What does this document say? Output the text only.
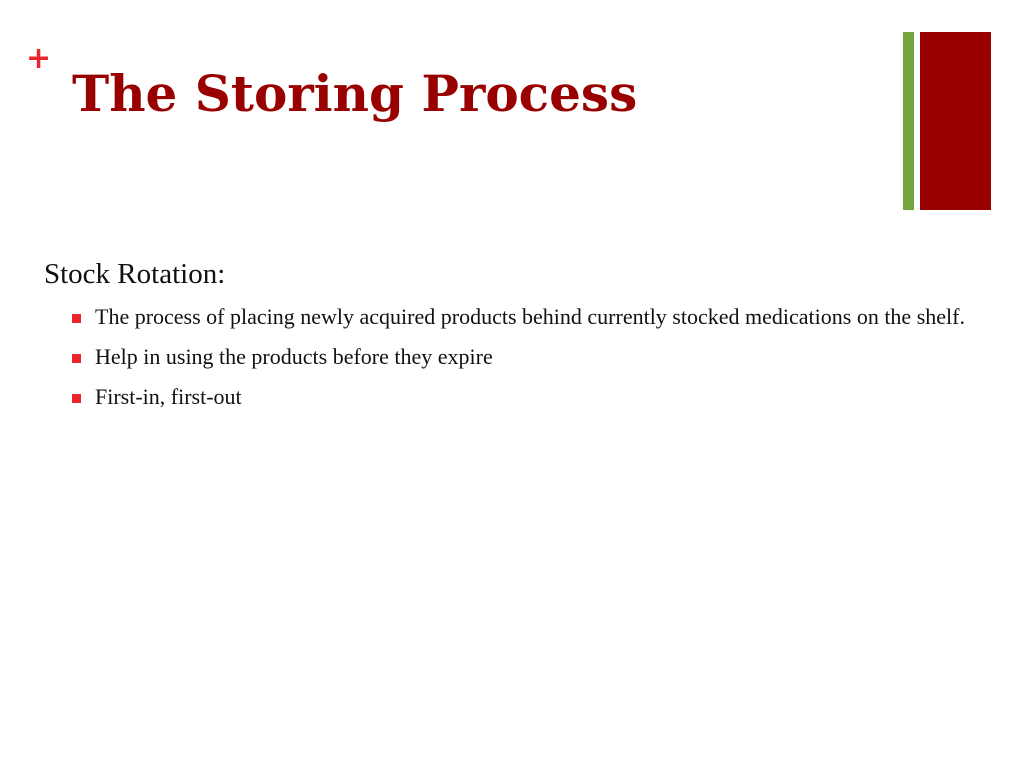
+
The Storing Process
Stock Rotation:
The process of placing newly acquired products behind currently stocked medications on the shelf.
Help in using the products before they expire
First-in, first-out
